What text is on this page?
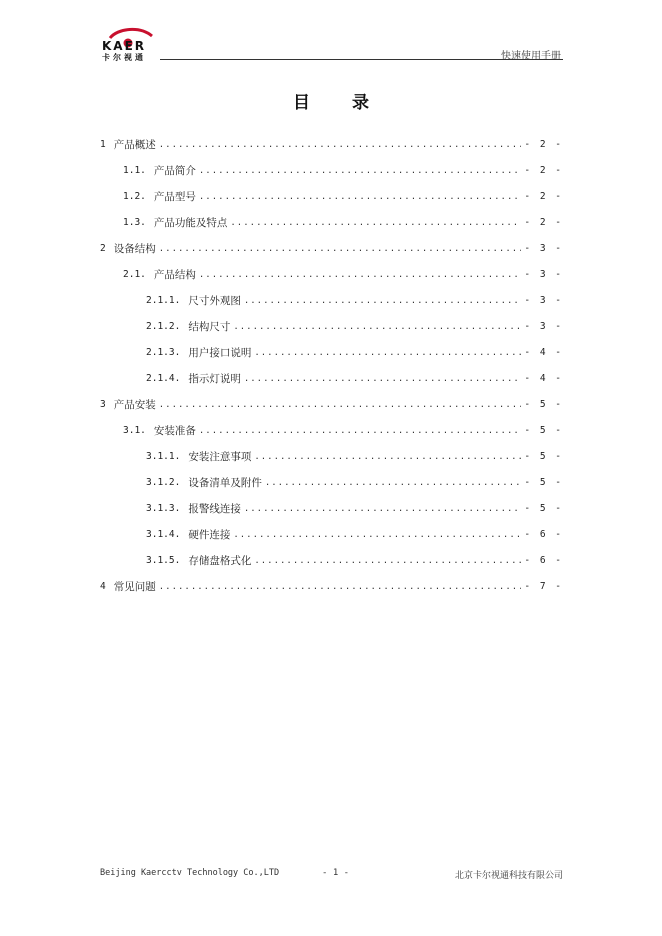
KAER
卡尔视通	快速使用手册
目 录
1 产品概述 .....	- 2 -
1.1. 产品简介 .....	- 2 -
1.2. 产品型号 .....	- 2 -
1.3. 产品功能及特点 .....	- 2 -
2 设备结构 .....	- 3 -
2.1. 产品结构 .....	- 3 -
2.1.1. 尺寸外观图 .....	- 3 -
2.1.2. 结构尺寸 .....	- 3 -
2.1.3. 用户接口说明 .....	- 4 -
2.1.4. 指示灯说明 .....	- 4 -
3 产品安装 .....	- 5 -
3.1. 安装准备 .....	- 5 -
3.1.1. 安装注意事项 .....	- 5 -
3.1.2. 设备清单及附件 .....	- 5 -
3.1.3. 报警线连接 .....	- 5 -
3.1.4. 硬件连接 .....	- 6 -
3.1.5. 存储盘格式化 .....	- 6 -
4 常见问题 .....	- 7 -
Beijing Kaercctv Technology Co.,LTD	- 1 -	北京卡尔视通科技有限公司
